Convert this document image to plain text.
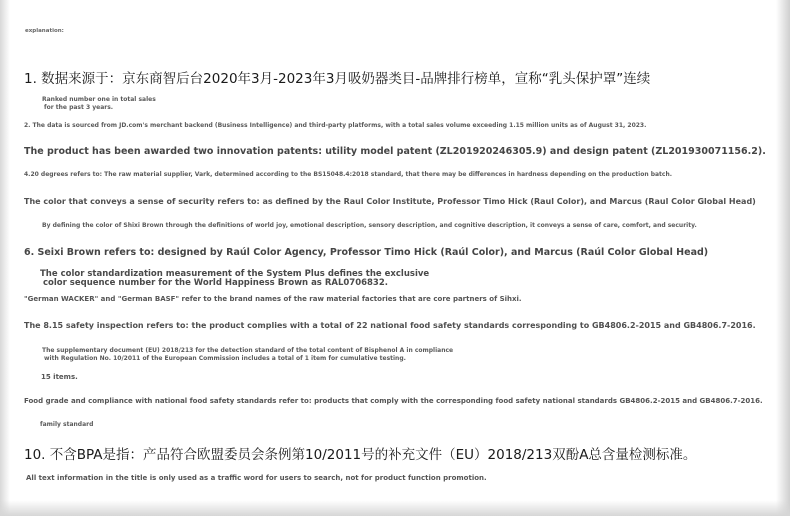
explanation:

1. 数据来源于：京东商智后台2020年3月-2023年3月吸奶器类目-品牌排行榜单，宣称“乳头保护罩”连续

Ranked number one in total sales
for the past 3 years.

2. The data is sourced from JD.com's merchant backend (Business Intelligence) and third-party platforms, with a total sales volume exceeding 1.15 million units as of August 31, 2023.

The product has been awarded two innovation patents: utility model patent (ZL201920246305.9) and design patent (ZL201930071156.2).

4.20 degrees refers to: The raw material supplier, Vark, determined according to the BS15048.4:2018 standard, that there may be differences in hardness depending on the production batch.

The color that conveys a sense of security refers to: as defined by the Raul Color Institute, Professor Timo Hick (Raul Color), and Marcus (Raul Color Global Head)

By defining the color of Shixi Brown through the definitions of world joy, emotional description, sensory description, and cognitive description, it conveys a sense of care, comfort, and security.

6. Seixi Brown refers to: designed by Raúl Color Agency, Professor Timo Hick (Raúl Color), and Marcus (Raúl Color Global Head)

The color standardization measurement of the System Plus defines the exclusive
color sequence number for the World Happiness Brown as RAL0706832.

"German WACKER" and "German BASF" refer to the brand names of the raw material factories that are core partners of Sihxi.

The 8.15 safety inspection refers to: the product complies with a total of 22 national food safety standards corresponding to GB4806.2-2015 and GB4806.7-2016.

The supplementary document (EU) 2018/213 for the detection standard of the total content of Bisphenol A in compliance
with Regulation No. 10/2011 of the European Commission includes a total of 1 item for cumulative testing.

15 items.

Food grade and compliance with national food safety standards refer to: products that comply with the corresponding food safety national standards GB4806.2-2015 and GB4806.7-2016.

family standard

10. 不含BPA是指：产品符合欧盟委员会条例第10/2011号的补充文件（EU）2018/213双酚A总含量检测标准。

All text information in the title is only used as a traffic word for users to search, not for product function promotion.
